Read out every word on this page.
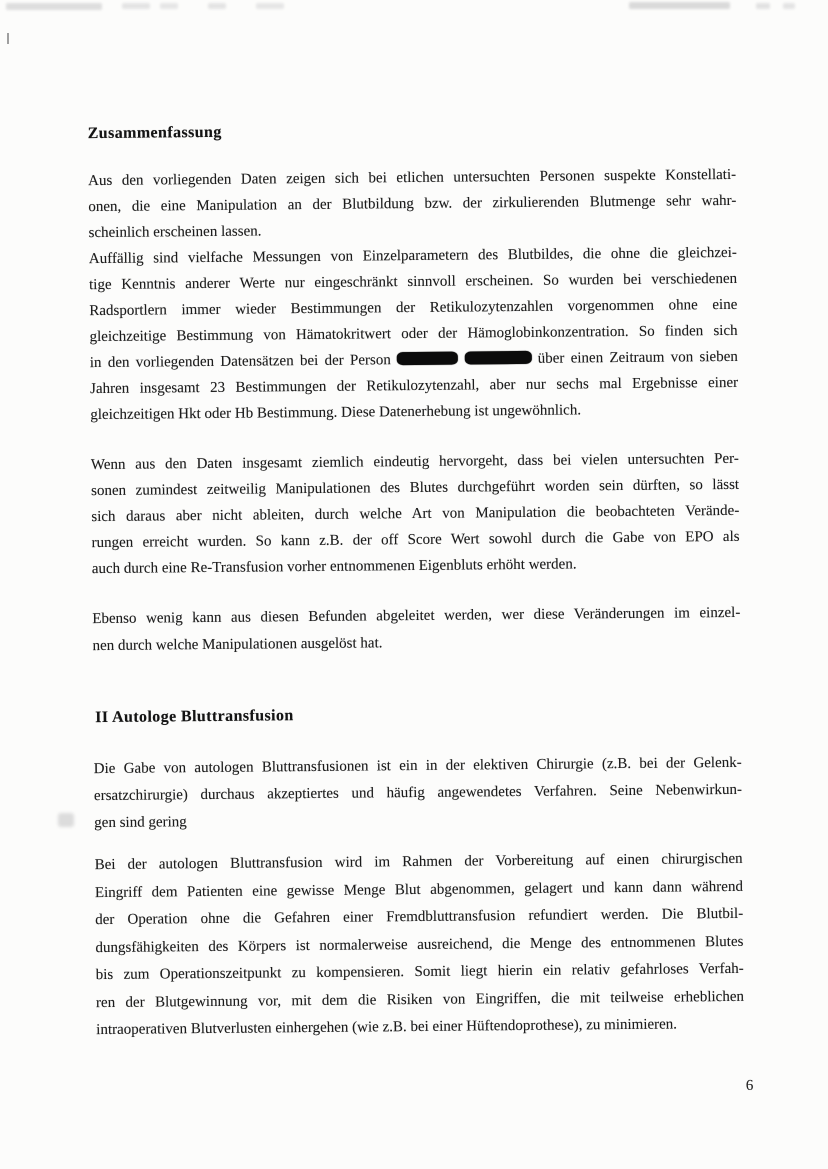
Zusammenfassung
Aus den vorliegenden Daten zeigen sich bei etlichen untersuchten Personen suspekte Konstellati-
onen, die eine Manipulation an der Blutbildung bzw. der zirkulierenden Blutmenge sehr wahr-
scheinlich erscheinen lassen.
Auffällig sind vielfache Messungen von Einzelparametern des Blutbildes, die ohne die gleichzei-
tige Kenntnis anderer Werte nur eingeschränkt sinnvoll erscheinen. So wurden bei verschiedenen
Radsportlern immer wieder Bestimmungen der Retikulozytenzahlen vorgenommen ohne eine
gleichzeitige Bestimmung von Hämatokritwert oder der Hämoglobinkonzentration. So finden sich
in den vorliegenden Datensätzen bei der Person	über einen Zeitraum von sieben
Jahren insgesamt 23 Bestimmungen der Retikulozytenzahl, aber nur sechs mal Ergebnisse einer
gleichzeitigen Hkt oder Hb Bestimmung. Diese Datenerhebung ist ungewöhnlich.
Wenn aus den Daten insgesamt ziemlich eindeutig hervorgeht, dass bei vielen untersuchten Per-
sonen zumindest zeitweilig Manipulationen des Blutes durchgeführt worden sein dürften, so lässt
sich daraus aber nicht ableiten, durch welche Art von Manipulation die beobachteten Verände-
rungen erreicht wurden. So kann z.B. der off Score Wert sowohl durch die Gabe von EPO als
auch durch eine Re-Transfusion vorher entnommenen Eigenbluts erhöht werden.
Ebenso wenig kann aus diesen Befunden abgeleitet werden, wer diese Veränderungen im einzel-
nen durch welche Manipulationen ausgelöst hat.
II Autologe Bluttransfusion
Die Gabe von autologen Bluttransfusionen ist ein in der elektiven Chirurgie (z.B. bei der Gelenk-
ersatzchirurgie) durchaus akzeptiertes und häufig angewendetes Verfahren. Seine Nebenwirkun-
gen sind gering
Bei der autologen Bluttransfusion wird im Rahmen der Vorbereitung auf einen chirurgischen
Eingriff dem Patienten eine gewisse Menge Blut abgenommen, gelagert und kann dann während
der Operation ohne die Gefahren einer Fremdbluttransfusion refundiert werden. Die Blutbil-
dungsfähigkeiten des Körpers ist normalerweise ausreichend, die Menge des entnommenen Blutes
bis zum Operationszeitpunkt zu kompensieren. Somit liegt hierin ein relativ gefahrloses Verfah-
ren der Blutgewinnung vor, mit dem die Risiken von Eingriffen, die mit teilweise erheblichen
intraoperativen Blutverlusten einhergehen (wie z.B. bei einer Hüftendoprothese), zu minimieren.
6
